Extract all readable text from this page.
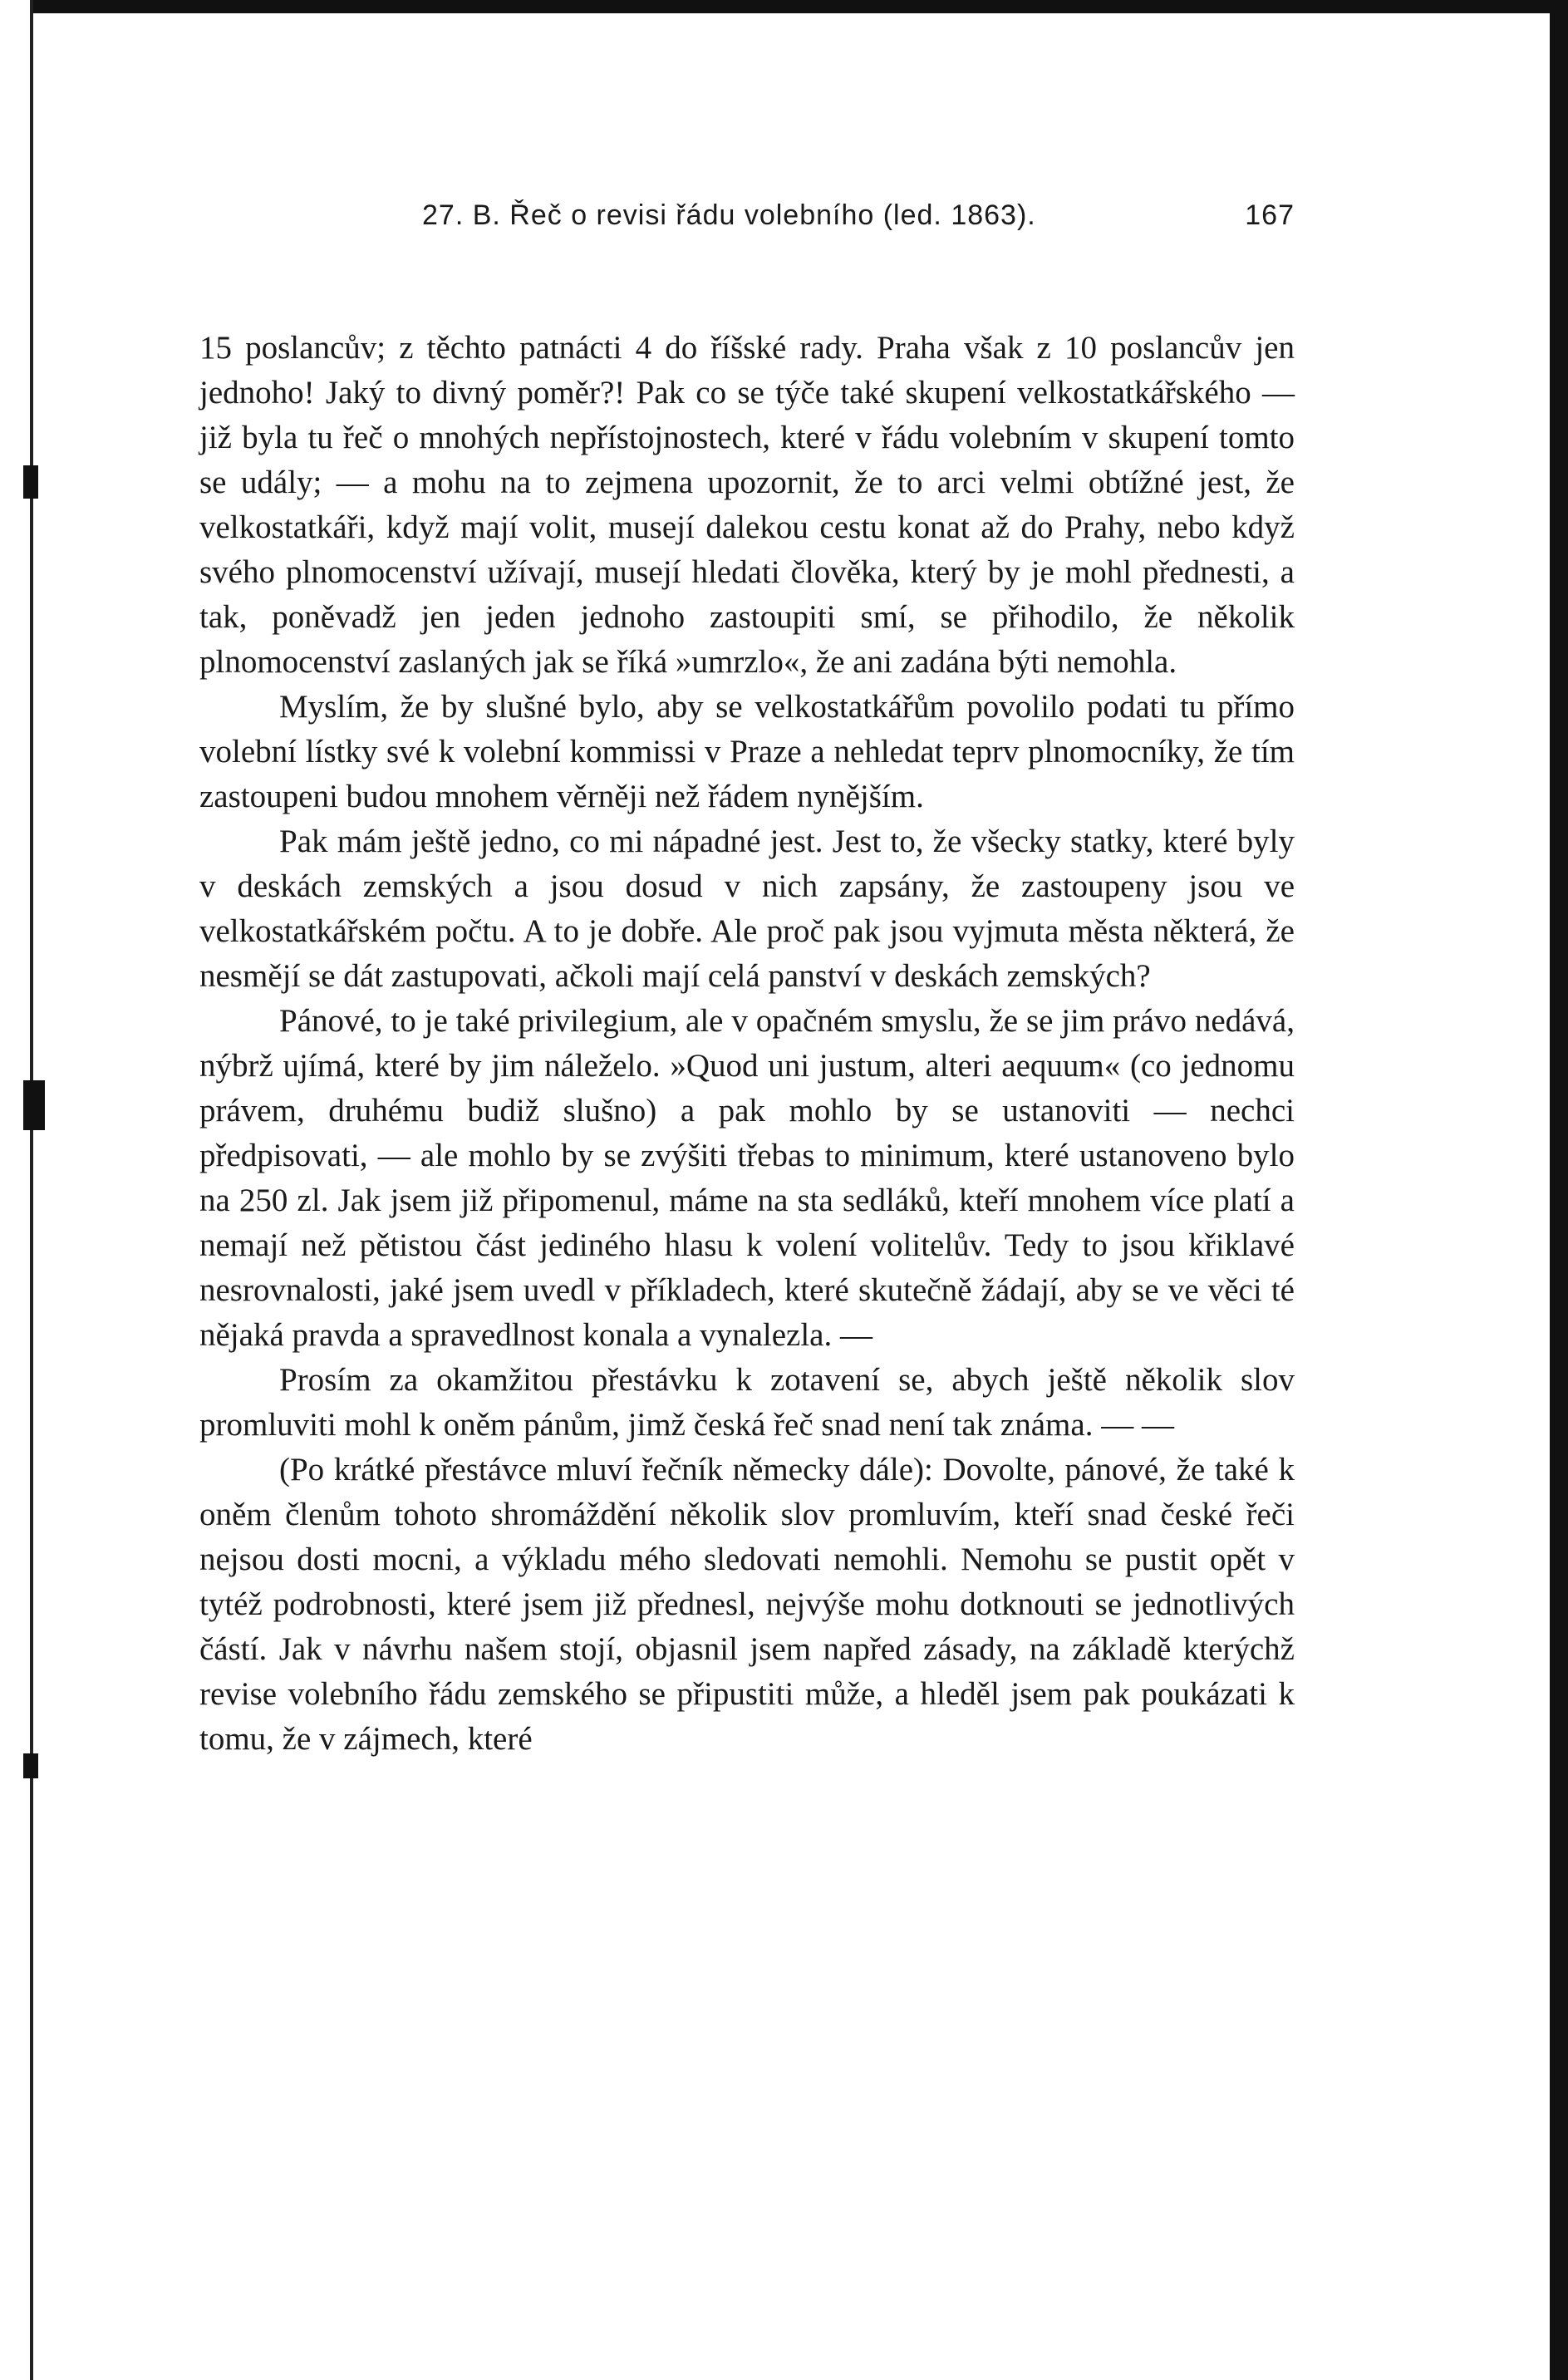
27. B. Řeč o revisi řádu volebního (led. 1863).	167

15 poslancův; z těchto patnácti 4 do říšské rady. Praha však z 10 poslancův jen jednoho! Jaký to divný poměr?! Pak co se týče také skupení velkostatkářského — již byla tu řeč o mnohých nepřístojnostech, které v řádu volebním v skupení tomto se udály; — a mohu na to zejmena upozornit, že to arci velmi obtížné jest, že velkostatkáři, když mají volit, musejí dalekou cestu konat až do Prahy, nebo když svého plnomocenství užívají, musejí hledati člověka, který by je mohl přednesti, a tak, poněvadž jen jeden jednoho zastoupiti smí, se přihodilo, že několik plnomocenství zaslaných jak se říká »umrzlo«, že ani zadána býti nemohla.

Myslím, že by slušné bylo, aby se velkostatkářům povolilo podati tu přímo volební lístky své k volební kommissi v Praze a nehledat teprv plnomocníky, že tím zastoupeni budou mnohem věrněji než řádem nynějším.

Pak mám ještě jedno, co mi nápadné jest. Jest to, že všecky statky, které byly v deskách zemských a jsou dosud v nich zapsány, že zastoupeny jsou ve velkostatkářském počtu. A to je dobře. Ale proč pak jsou vyjmuta města některá, že nesmějí se dát zastupovati, ačkoli mají celá panství v deskách zemských?

Pánové, to je také privilegium, ale v opačném smyslu, že se jim právo nedává, nýbrž ujímá, které by jim náleželo. »Quod uni justum, alteri aequum« (co jednomu právem, druhému budiž slušno) a pak mohlo by se ustanoviti — nechci předpisovati, — ale mohlo by se zvýšiti třebas to minimum, které ustanoveno bylo na 250 zl. Jak jsem již připomenul, máme na sta sedláků, kteří mnohem více platí a nemají než pětistou část jediného hlasu k volení volitelův. Tedy to jsou křiklavé nesrovnalosti, jaké jsem uvedl v příkladech, které skutečně žádají, aby se ve věci té nějaká pravda a spravedlnost konala a vynalezla. —

Prosím za okamžitou přestávku k zotavení se, abych ještě několik slov promluviti mohl k oněm pánům, jimž česká řeč snad není tak známa. — —

(Po krátké přestávce mluví řečník německy dále): Dovolte, pánové, že také k oněm členům tohoto shromáždění několik slov promluvím, kteří snad české řeči nejsou dosti mocni, a výkladu mého sledovati nemohli. Nemohu se pustit opět v tytéž podrobnosti, které jsem již přednesl, nejvýše mohu dotknouti se jednotlivých částí. Jak v návrhu našem stojí, objasnil jsem napřed zásady, na základě kterýchž revise volebního řádu zemského se připustiti může, a hleděl jsem pak poukázati k tomu, že v zájmech, které
